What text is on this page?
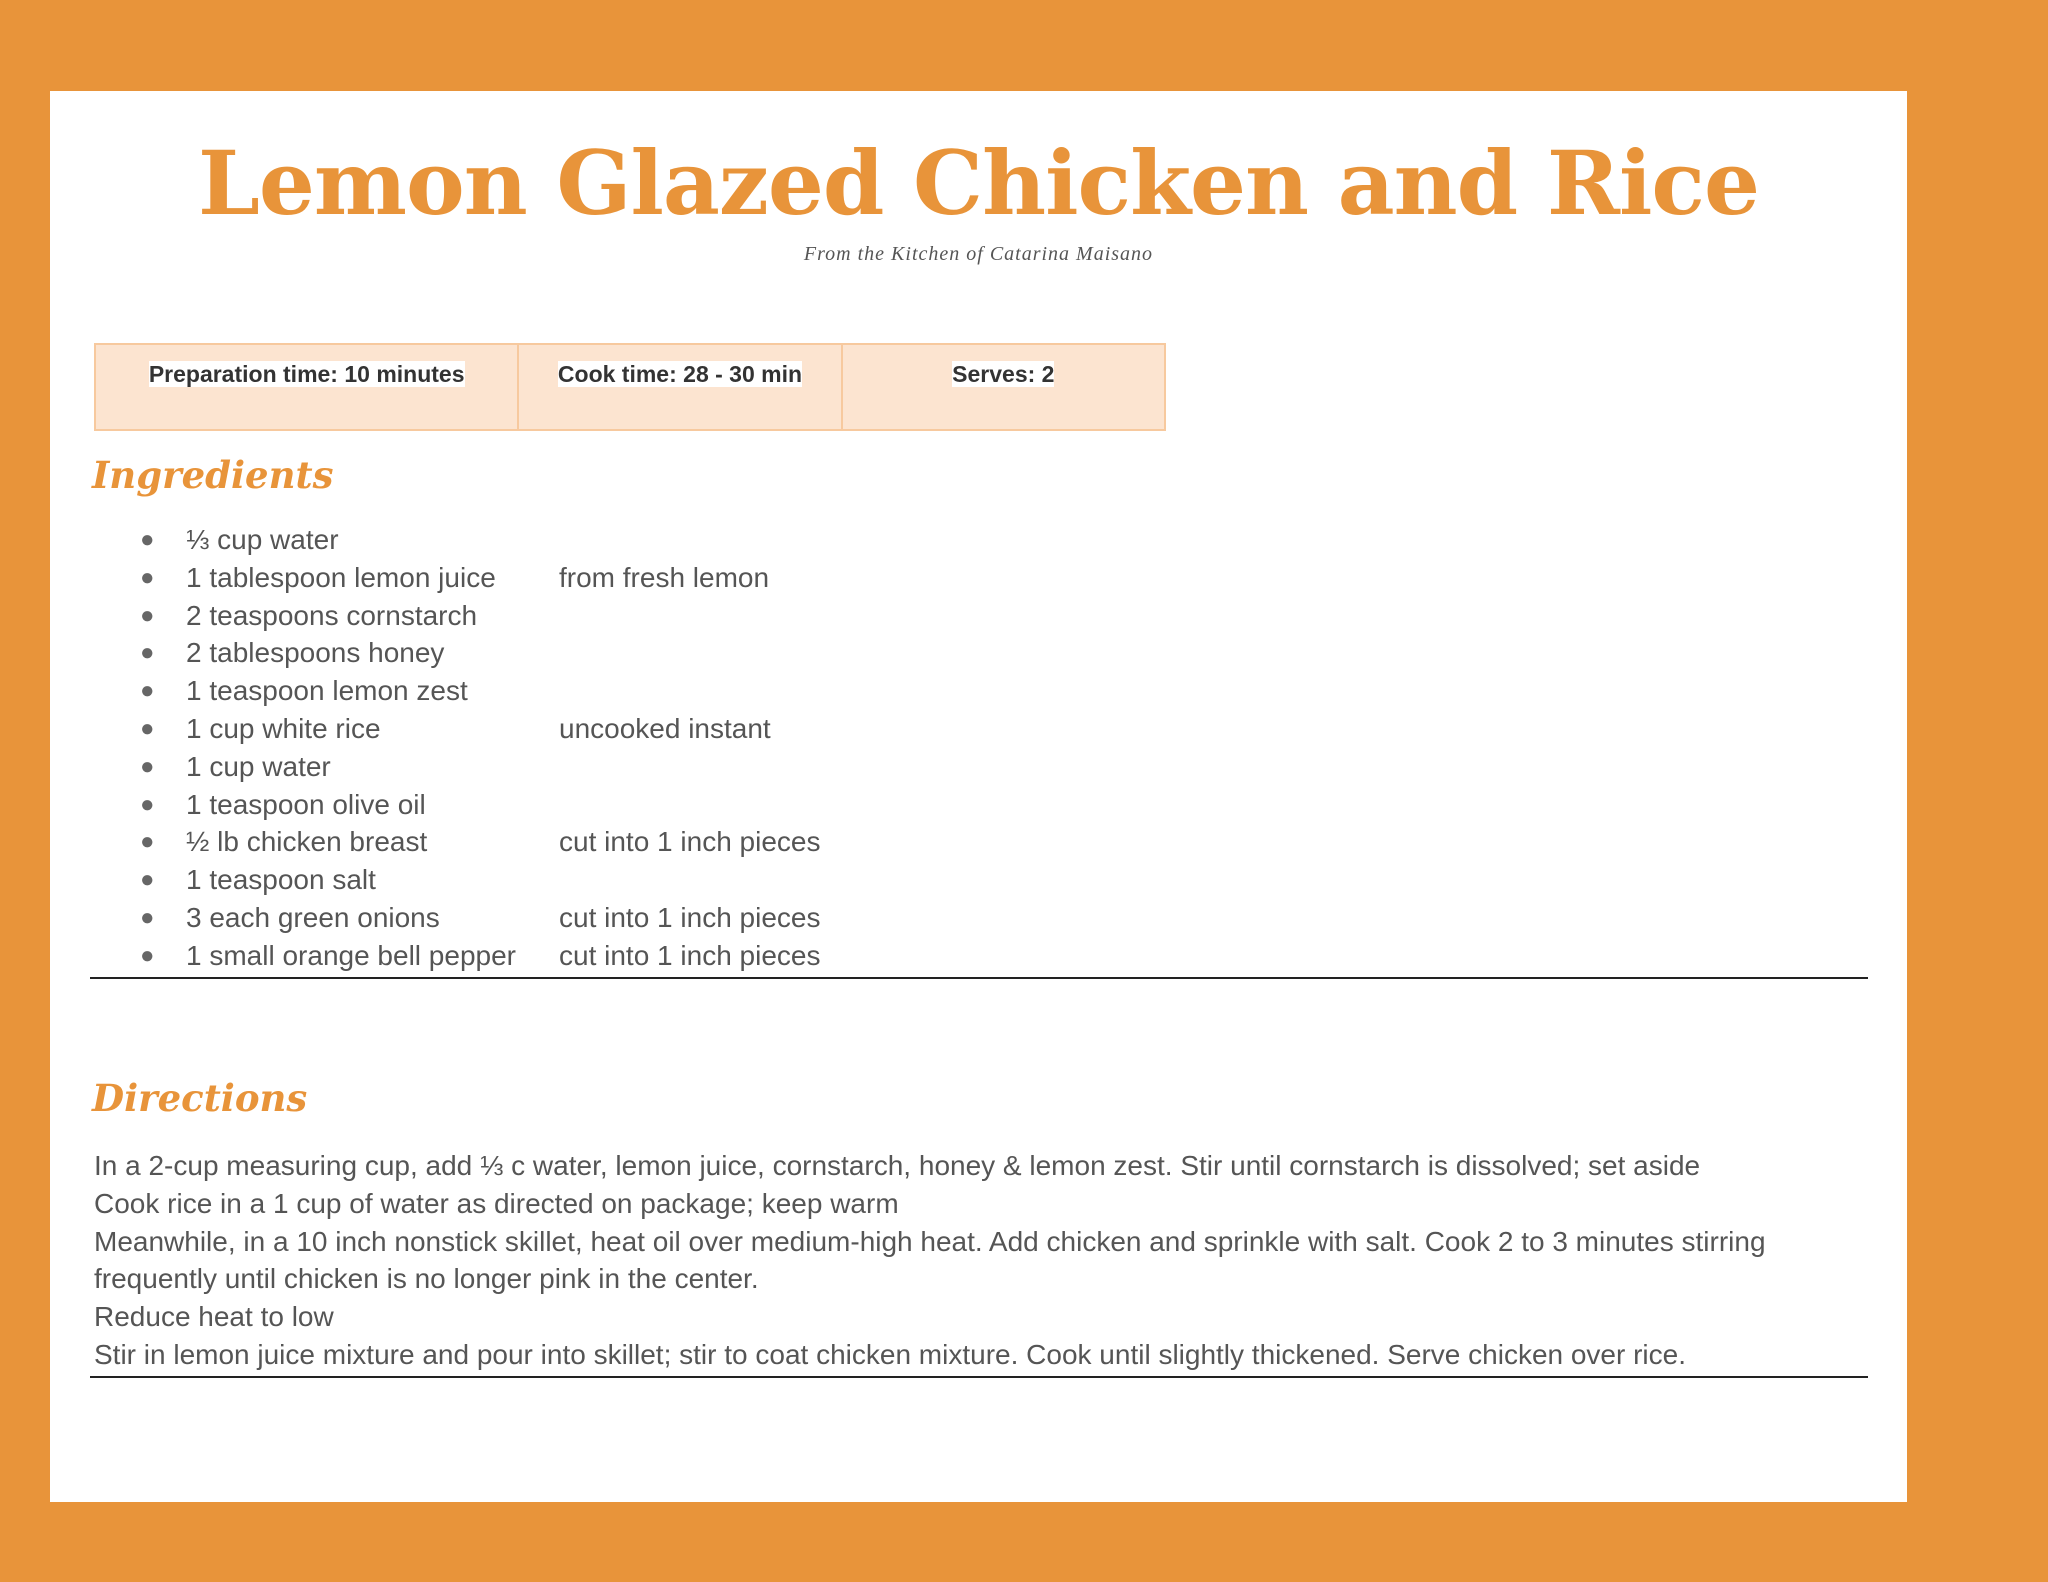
Lemon Glazed Chicken and Rice
From the Kitchen of Catarina Maisano
Preparation time: 10 minutes	Cook time: 28 - 30 min	Serves: 2
Ingredients
●	⅓ cup water
●	1 tablespoon lemon juice	from fresh lemon
●	2 teaspoons cornstarch
●	2 tablespoons honey
●	1 teaspoon lemon zest
●	1 cup white rice	uncooked instant
●	1 cup water
●	1 teaspoon olive oil
●	½ lb chicken breast	cut into 1 inch pieces
●	1 teaspoon salt
●	3 each green onions	cut into 1 inch pieces
●	1 small orange bell pepper	cut into 1 inch pieces
Directions

In a 2-cup measuring cup, add ⅓ c water, lemon juice, cornstarch, honey & lemon zest. Stir until cornstarch is dissolved; set aside

Cook rice in a 1 cup of water as directed on package; keep warm

Meanwhile, in a 10 inch nonstick skillet, heat oil over medium-high heat. Add chicken and sprinkle with salt. Cook 2 to 3 minutes stirring frequently until chicken is no longer pink in the center.

Reduce heat to low

Stir in lemon juice mixture and pour into skillet; stir to coat chicken mixture. Cook until slightly thickened. Serve chicken over rice.
